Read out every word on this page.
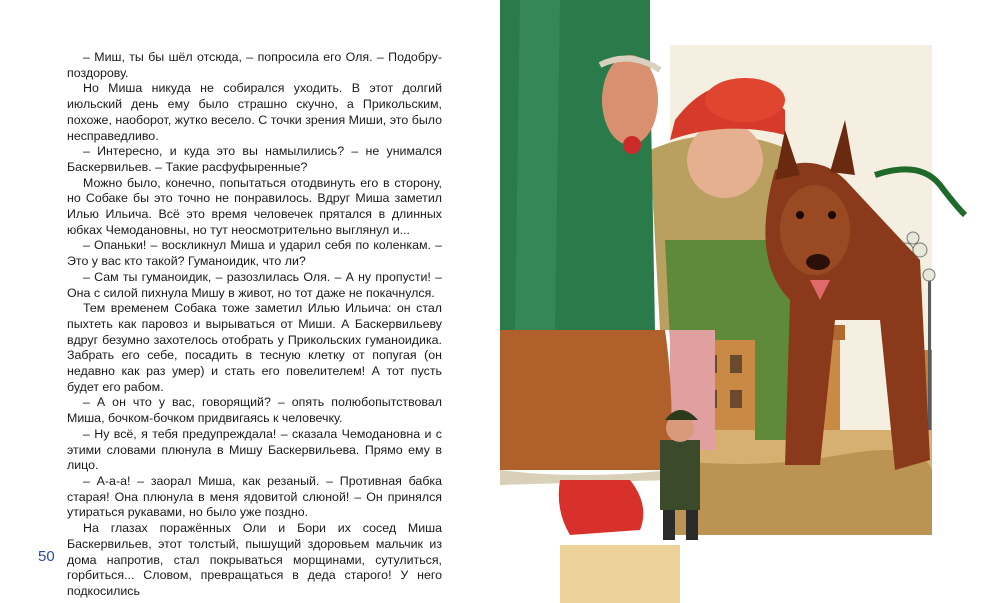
– Миш, ты бы шёл отсюда, – попросила его Оля. – Подобру-поздорову.

Но Миша никуда не собирался уходить. В этот долгий июльский день ему было страшно скучно, а Прикольским, похоже, наоборот, жутко весело. С точки зрения Миши, это было несправедливо.

– Интересно, и куда это вы намылились? – не унимался Баскервильев. – Такие расфуфыренные?

Можно было, конечно, попытаться отодвинуть его в сторону, но Собаке бы это точно не понравилось. Вдруг Миша заметил Илью Ильича. Всё это время человечек прятался в длинных юбках Чемодановны, но тут неосмотрительно выглянул и...

– Опаньки! – воскликнул Миша и ударил себя по коленкам. – Это у вас кто такой? Гуманоидик, что ли?

– Сам ты гуманоидик, – разозлилась Оля. – А ну пропусти! – Она с силой пихнула Мишу в живот, но тот даже не покачнулся.

Тем временем Собака тоже заметил Илью Ильича: он стал пыхтеть как паровоз и вырываться от Миши. А Баскервильеву вдруг безумно захотелось отобрать у Прикольских гуманоидика. Забрать его себе, посадить в тесную клетку от попугая (он недавно как раз умер) и стать его повелителем! А тот пусть будет его рабом.

– А он что у вас, говорящий? – опять полюбопытствовал Миша, бочком-бочком придвигаясь к человечку.

– Ну всё, я тебя предупреждала! – сказала Чемодановна и с этими словами плюнула в Мишу Баскервильева. Прямо ему в лицо.

– А-а-а! – заорал Миша, как резаный. – Противная бабка старая! Она плюнула в меня ядовитой слюной! – Он принялся утираться рукавами, но было уже поздно.

На глазах поражённых Оли и Бори их сосед Миша Баскервильев, этот толстый, пышущий здоровьем мальчик из дома напротив, стал покрываться морщинами, сутулиться, горбиться... Словом, превращаться в деда старого! У него подкосились

50
